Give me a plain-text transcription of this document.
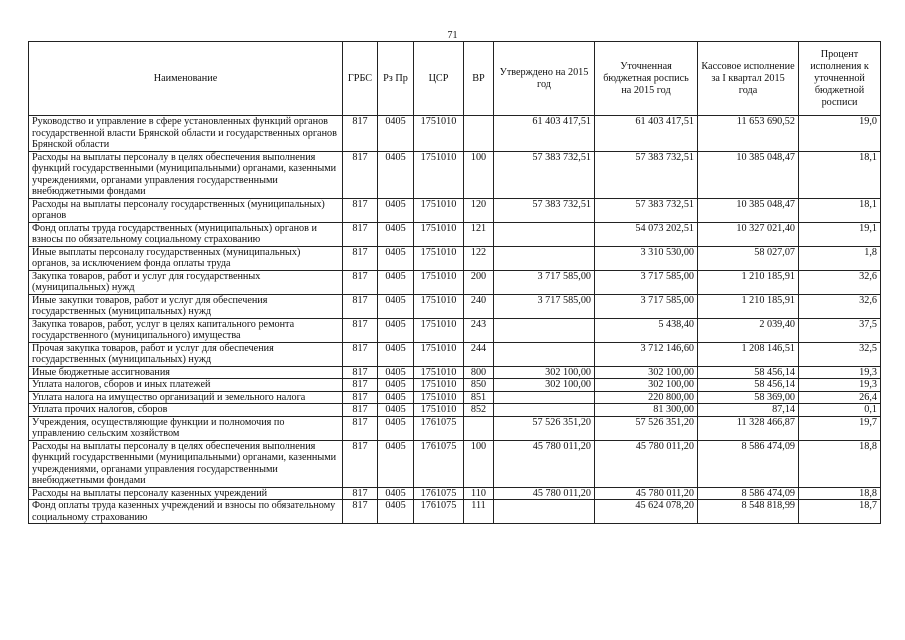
71
Наименование	ГРБС	Рз Пр	ЦСР	ВР	Утверждено на 2015 год	Уточненная бюджетная роспись на 2015 год	Кассовое исполнение за I квартал 2015 года	Процент исполнения к уточненной бюджетной росписи
Руководство и управление в сфере установленных функций органов государственной власти Брянской области и государственных органов Брянской области	817	0405	1751010		61 403 417,51	61 403 417,51	11 653 690,52	19,0
Расходы на выплаты персоналу в целях обеспечения выполнения функций государственными (муниципальными) органами, казенными учреждениями, органами управления государственными внебюджетными фондами	817	0405	1751010	100	57 383 732,51	57 383 732,51	10 385 048,47	18,1
Расходы на выплаты персоналу государственных (муниципальных) органов	817	0405	1751010	120	57 383 732,51	57 383 732,51	10 385 048,47	18,1
Фонд оплаты труда государственных (муниципальных) органов и взносы по обязательному социальному страхованию	817	0405	1751010	121		54 073 202,51	10 327 021,40	19,1
Иные выплаты персоналу государственных (муниципальных) органов, за исключением фонда оплаты труда	817	0405	1751010	122		3 310 530,00	58 027,07	1,8
Закупка товаров, работ и услуг для государственных (муниципальных) нужд	817	0405	1751010	200	3 717 585,00	3 717 585,00	1 210 185,91	32,6
Иные закупки товаров, работ и услуг для обеспечения государственных (муниципальных) нужд	817	0405	1751010	240	3 717 585,00	3 717 585,00	1 210 185,91	32,6
Закупка товаров, работ, услуг в целях капитального ремонта государственного (муниципального) имущества	817	0405	1751010	243		5 438,40	2 039,40	37,5
Прочая закупка товаров, работ и услуг для обеспечения государственных (муниципальных) нужд	817	0405	1751010	244		3 712 146,60	1 208 146,51	32,5
Иные бюджетные ассигнования	817	0405	1751010	800	302 100,00	302 100,00	58 456,14	19,3
Уплата налогов, сборов и иных платежей	817	0405	1751010	850	302 100,00	302 100,00	58 456,14	19,3
Уплата налога на имущество организаций и земельного налога	817	0405	1751010	851		220 800,00	58 369,00	26,4
Уплата прочих налогов, сборов	817	0405	1751010	852		81 300,00	87,14	0,1
Учреждения, осуществляющие функции и полномочия по управлению сельским хозяйством	817	0405	1761075		57 526 351,20	57 526 351,20	11 328 466,87	19,7
Расходы на выплаты персоналу в целях обеспечения выполнения функций государственными (муниципальными) органами, казенными учреждениями, органами управления государственными внебюджетными фондами	817	0405	1761075	100	45 780 011,20	45 780 011,20	8 586 474,09	18,8
Расходы на выплаты персоналу казенных учреждений	817	0405	1761075	110	45 780 011,20	45 780 011,20	8 586 474,09	18,8
Фонд оплаты труда казенных учреждений и взносы по обязательному социальному страхованию	817	0405	1761075	111		45 624 078,20	8 548 818,99	18,7
